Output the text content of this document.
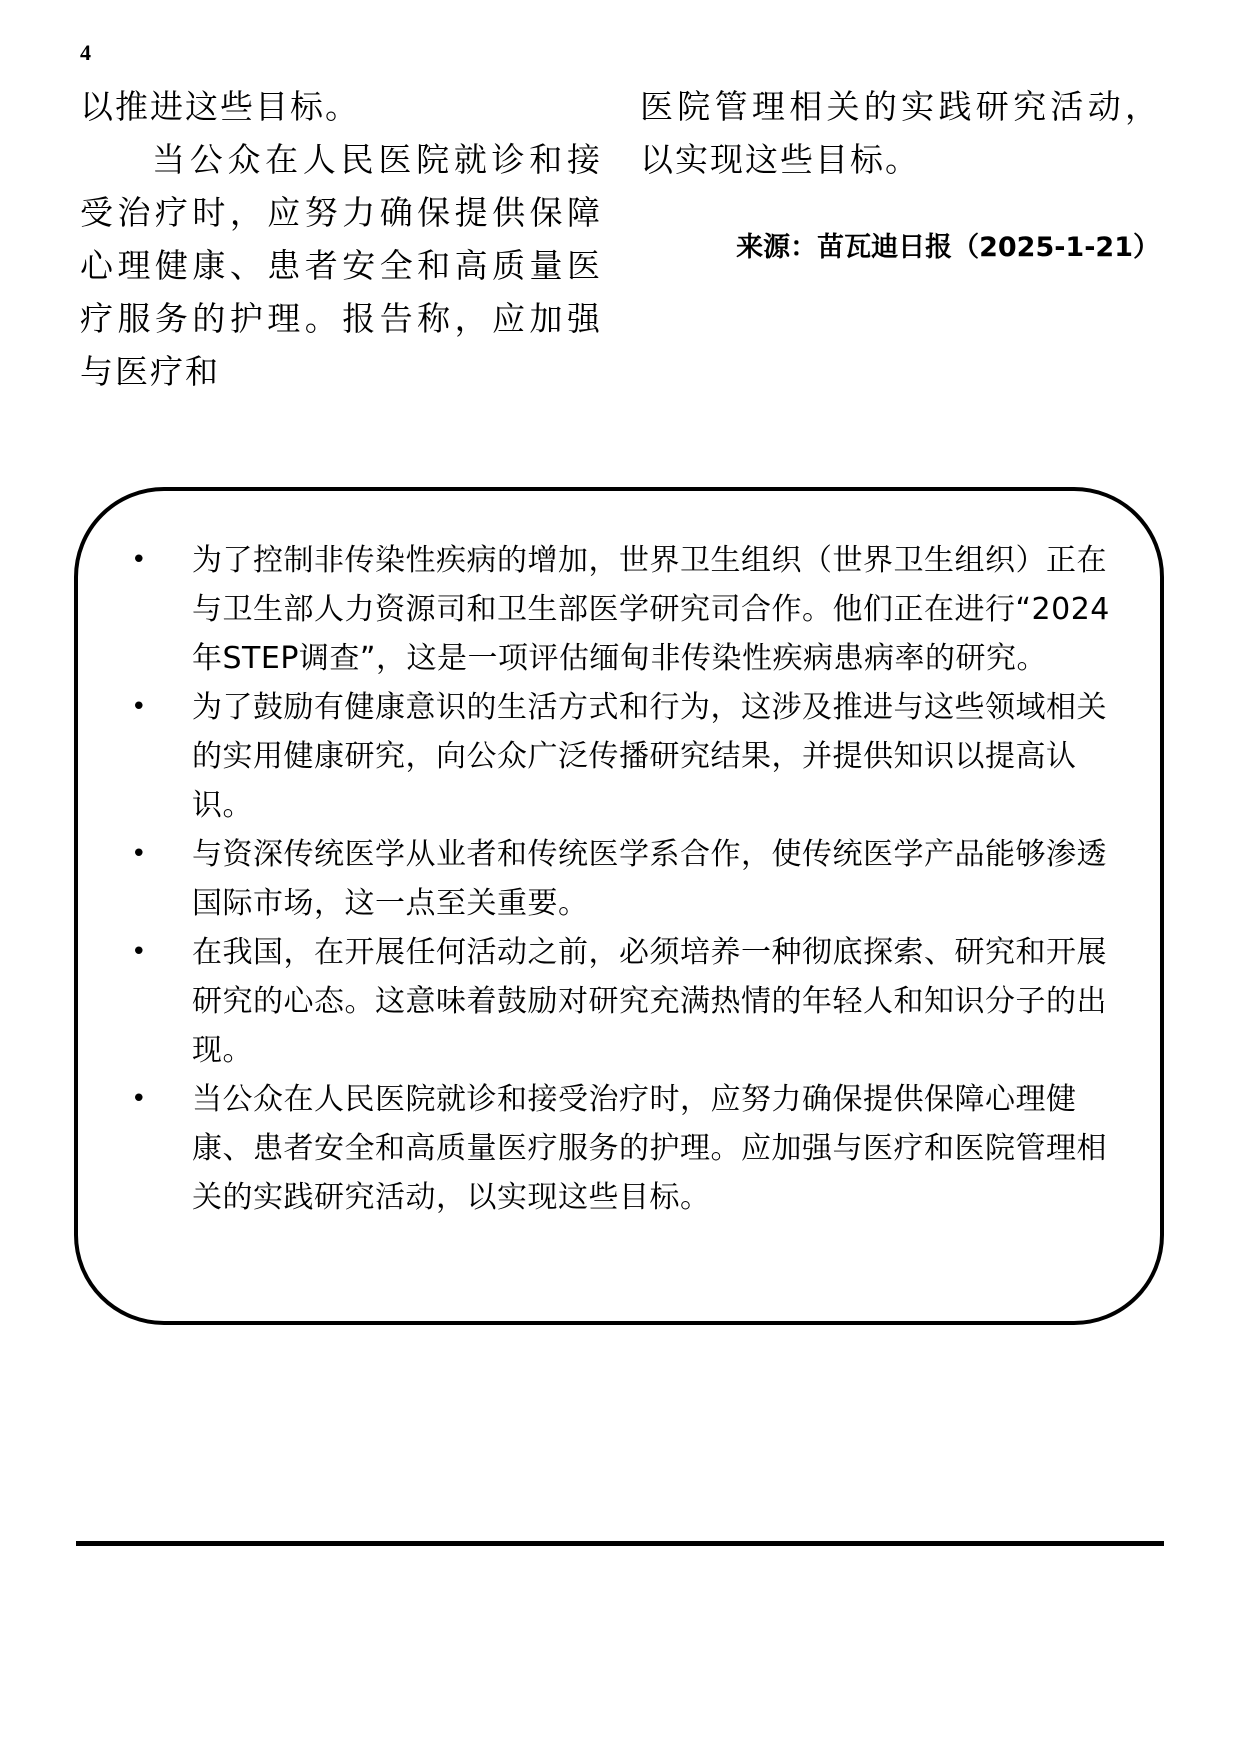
4

以推进这些目标。

当公众在人民医院就诊和接受治疗时，应努力确保提供保障心理健康、患者安全和高质量医疗服务的护理。报告称，应加强与医疗和

医院管理相关的实践研究活动，以实现这些目标。

来源：苗瓦迪日报（2025-1-21）
• 为了控制非传染性疾病的增加，世界卫生组织（世界卫生组织）正在与卫生部人力资源司和卫生部医学研究司合作。他们正在进行“2024年STEP调查”，这是一项评估缅甸非传染性疾病患病率的研究。
• 为了鼓励有健康意识的生活方式和行为，这涉及推进与这些领域相关的实用健康研究，向公众广泛传播研究结果，并提供知识以提高认识。
• 与资深传统医学从业者和传统医学系合作，使传统医学产品能够渗透国际市场，这一点至关重要。
• 在我国，在开展任何活动之前，必须培养一种彻底探索、研究和开展研究的心态。这意味着鼓励对研究充满热情的年轻人和知识分子的出现。
• 当公众在人民医院就诊和接受治疗时，应努力确保提供保障心理健康、患者安全和高质量医疗服务的护理。应加强与医疗和医院管理相关的实践研究活动，以实现这些目标。
